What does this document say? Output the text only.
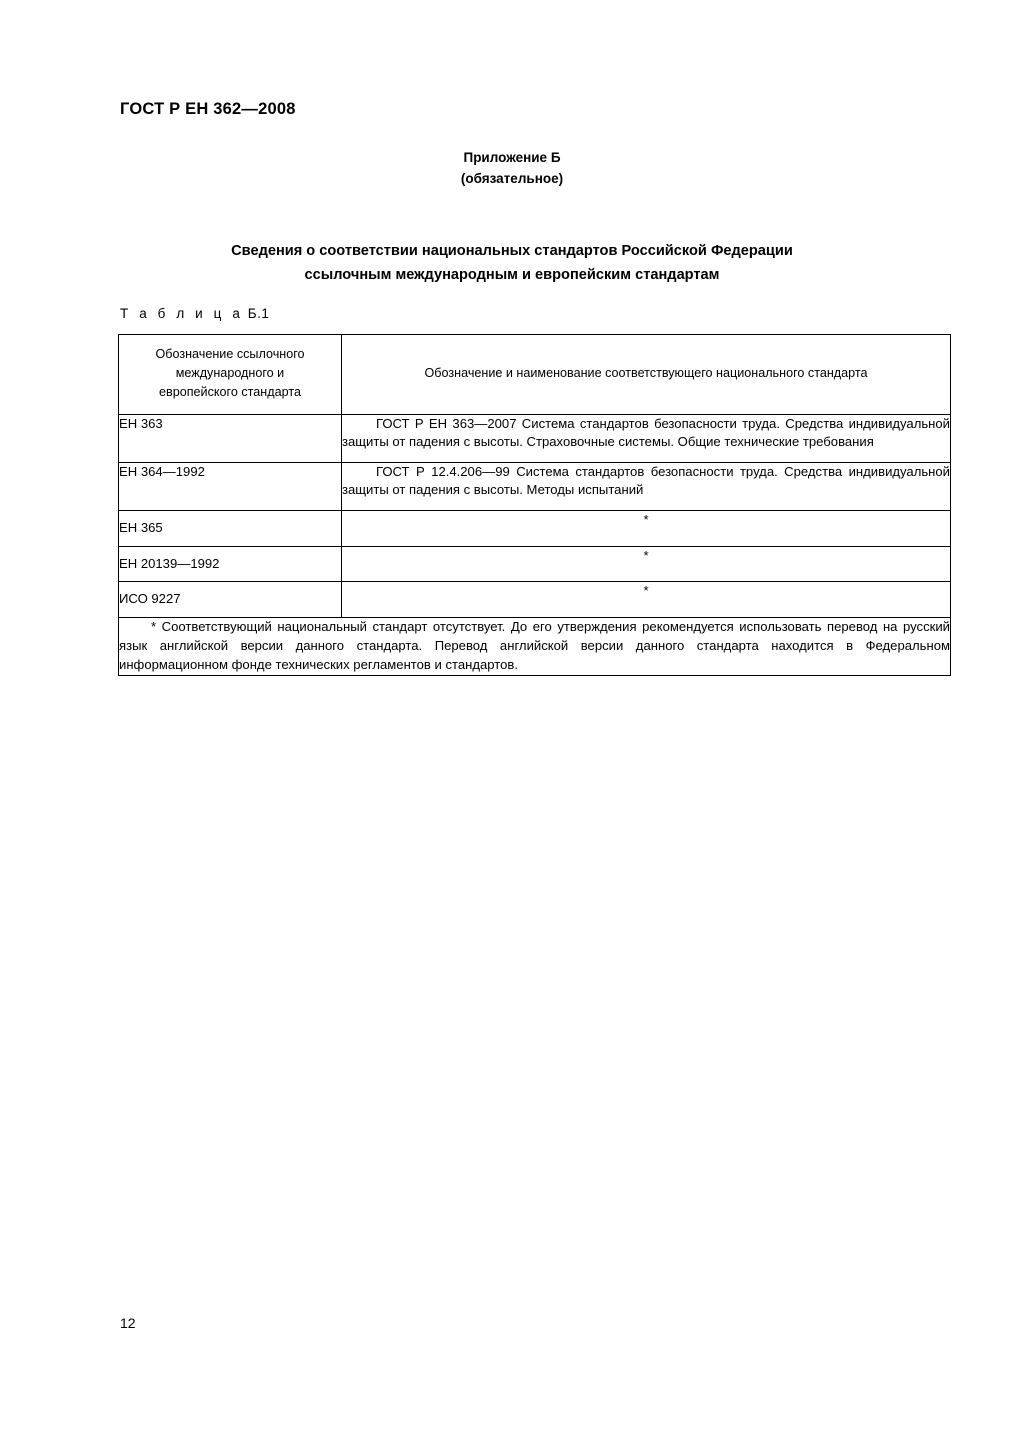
ГОСТ Р ЕН 362—2008
Приложение Б
(обязательное)
Сведения о соответствии национальных стандартов Российской Федерации
ссылочным международным и европейским стандартам
Т а б л и ц а Б.1
Обозначение ссылочного
международного и
европейского стандарта	Обозначение и наименование соответствующего национального стандарта
ЕН 363	ГОСТ Р ЕН 363—2007 Система стандартов безопасности труда. Средства индивидуальной защиты от падения с высоты. Страховочные системы. Общие технические требования
ЕН 364—1992	ГОСТ Р 12.4.206—99 Система стандартов безопасности труда. Средства индивидуальной защиты от падения с высоты. Методы испытаний
ЕН 365	*
ЕН 20139—1992	*
ИСО 9227	*
* Соответствующий национальный стандарт отсутствует. До его утверждения рекомендуется использовать перевод на русский язык английской версии данного стандарта. Перевод английской версии данного стандарта находится в Федеральном информационном фонде технических регламентов и стандартов.	
12
